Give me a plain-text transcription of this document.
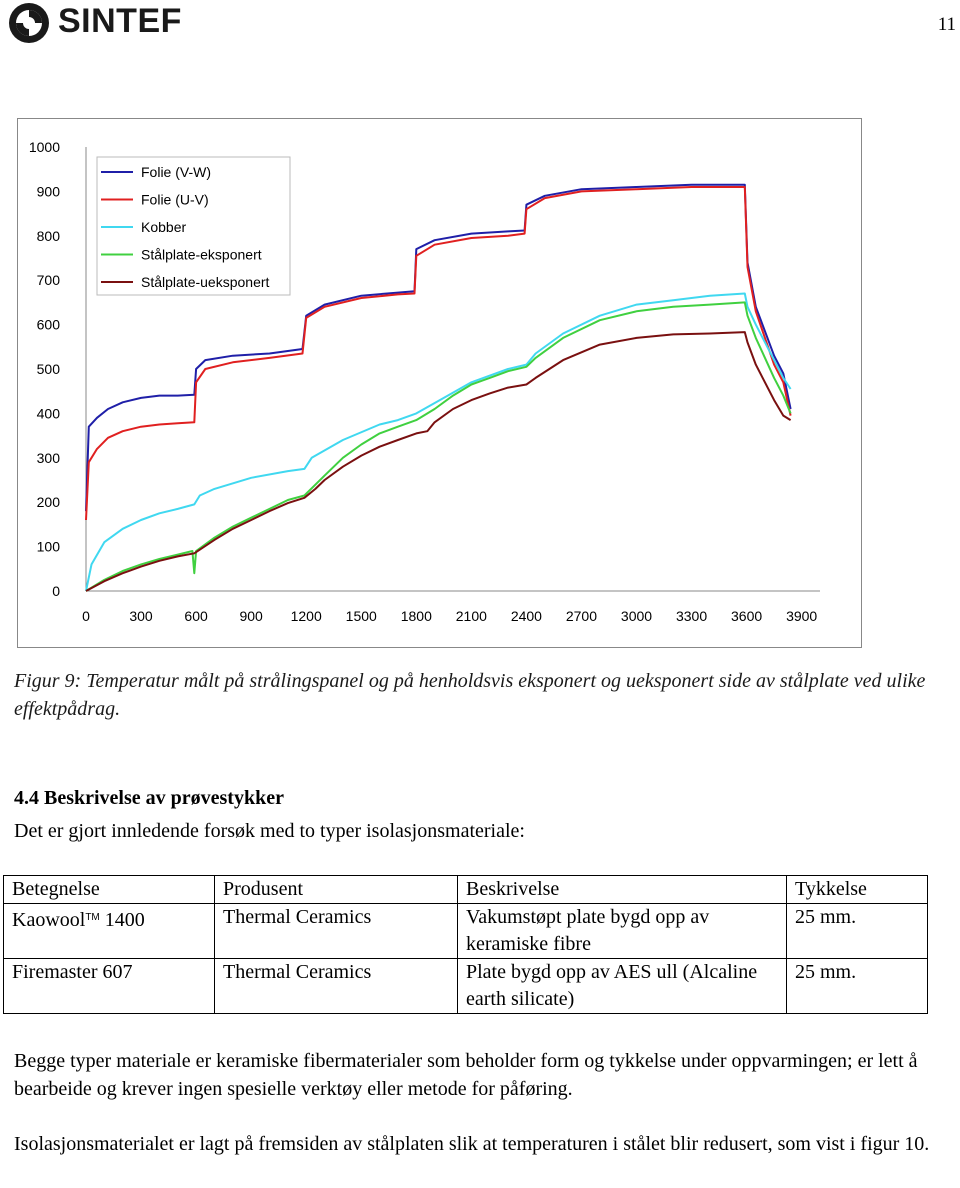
SINTEF	11
0
100
200
300
400
500
600
700
800
900
1000
0	300 600 900 1200 1500 1800 2100 2400 2700 3000 3300 3600 3900
Folie (V-W)
Folie (U-V)
Kobber
Stålplate-eksponert
Stålplate-ueksponert
Figur 9: Temperatur målt på strålingspanel og på henholdsvis eksponert og ueksponert side av stålplate ved ulike effektpådrag.
4.4 Beskrivelse av prøvestykker
Det er gjort innledende forsøk med to typer isolasjonsmateriale:
Betegnelse	Produsent	Beskrivelse	Tykkelse
Kaowool™ 1400	Thermal Ceramics	Vakumstøpt plate bygd opp av keramiske fibre	25 mm.
Firemaster 607	Thermal Ceramics	Plate bygd opp av AES ull (Alcaline earth silicate)	25 mm.
Begge typer materiale er keramiske fibermaterialer som beholder form og tykkelse under oppvarmingen; er lett å bearbeide og krever ingen spesielle verktøy eller metode for påføring.
Isolasjonsmaterialet er lagt på fremsiden av stålplaten slik at temperaturen i stålet blir redusert, som vist i figur 10.
